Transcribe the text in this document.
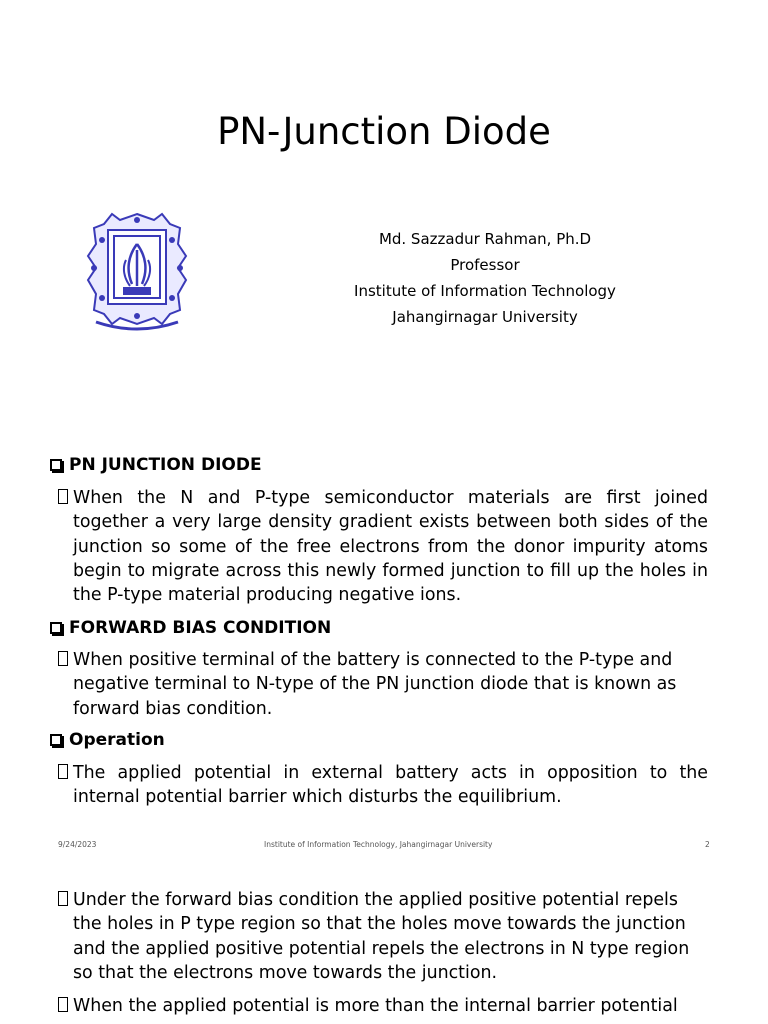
PN-Junction Diode
Md. Sazzadur Rahman, Ph.D
Professor
Institute of Information Technology
Jahangirnagar University
PN JUNCTION DIODE
When the N and P-type semiconductor materials are first joined together a very large density gradient exists between both sides of the junction so some of the free electrons from the donor impurity atoms begin to migrate across this newly formed junction to fill up the holes in the P-type material producing negative ions.
FORWARD BIAS CONDITION
When positive terminal of the battery is connected to the P-type and negative terminal to N-type of the PN junction diode that is known as forward bias condition.
Operation
The applied potential in external battery acts in opposition to the internal potential barrier which disturbs the equilibrium.
9/24/2023	Institute of Information Technology, Jahangirnagar University	2
Under the forward bias condition the applied positive potential repels the holes in P type region so that the holes move towards the junction and the applied positive potential repels the electrons in N type region so that the electrons move towards the junction.
When the applied potential is more than the internal barrier potential
